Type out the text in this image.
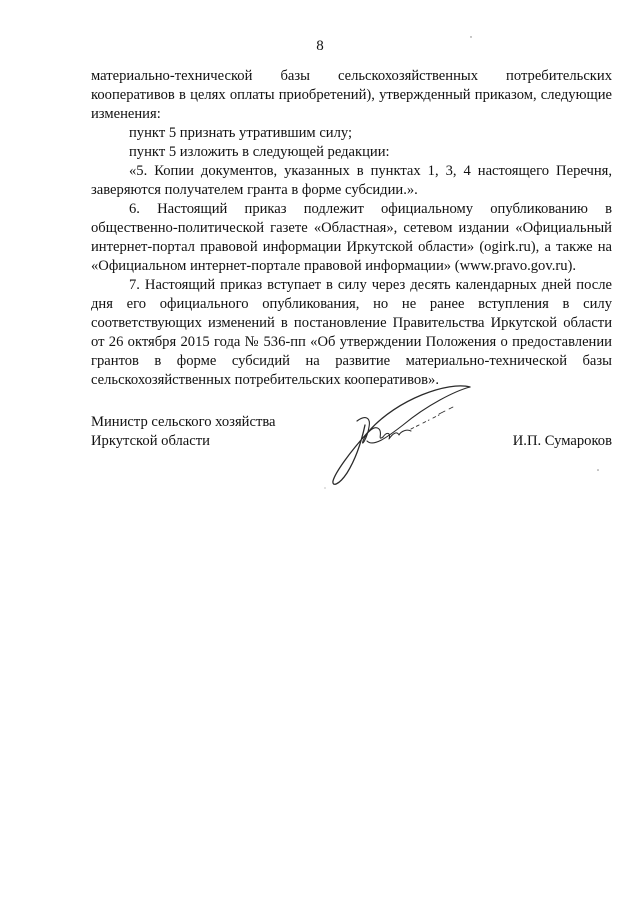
8

материально-технической базы сельскохозяйственных потребительских кооперативов в целях оплаты приобретений), утвержденный приказом, следующие изменения:

пункт 5 признать утратившим силу;

пункт 5 изложить в следующей редакции:

«5. Копии документов, указанных в пунктах 1, 3, 4 настоящего Перечня, заверяются получателем гранта в форме субсидии.».

6. Настоящий приказ подлежит официальному опубликованию в общественно-политической газете «Областная», сетевом издании «Официальный интернет-портал правовой информации Иркутской области» (ogirk.ru), а также на «Официальном интернет-портале правовой информации» (www.pravo.gov.ru).

7. Настоящий приказ вступает в силу через десять календарных дней после дня его официального опубликования, но не ранее вступления в силу соответствующих изменений в постановление Правительства Иркутской области от 26 октября 2015 года № 536-пп «Об утверждении Положения о предоставлении грантов в форме субсидий на развитие материально-технической базы сельскохозяйственных потребительских кооперативов».

Министр сельского хозяйства
Иркутской области	И.П. Сумароков
